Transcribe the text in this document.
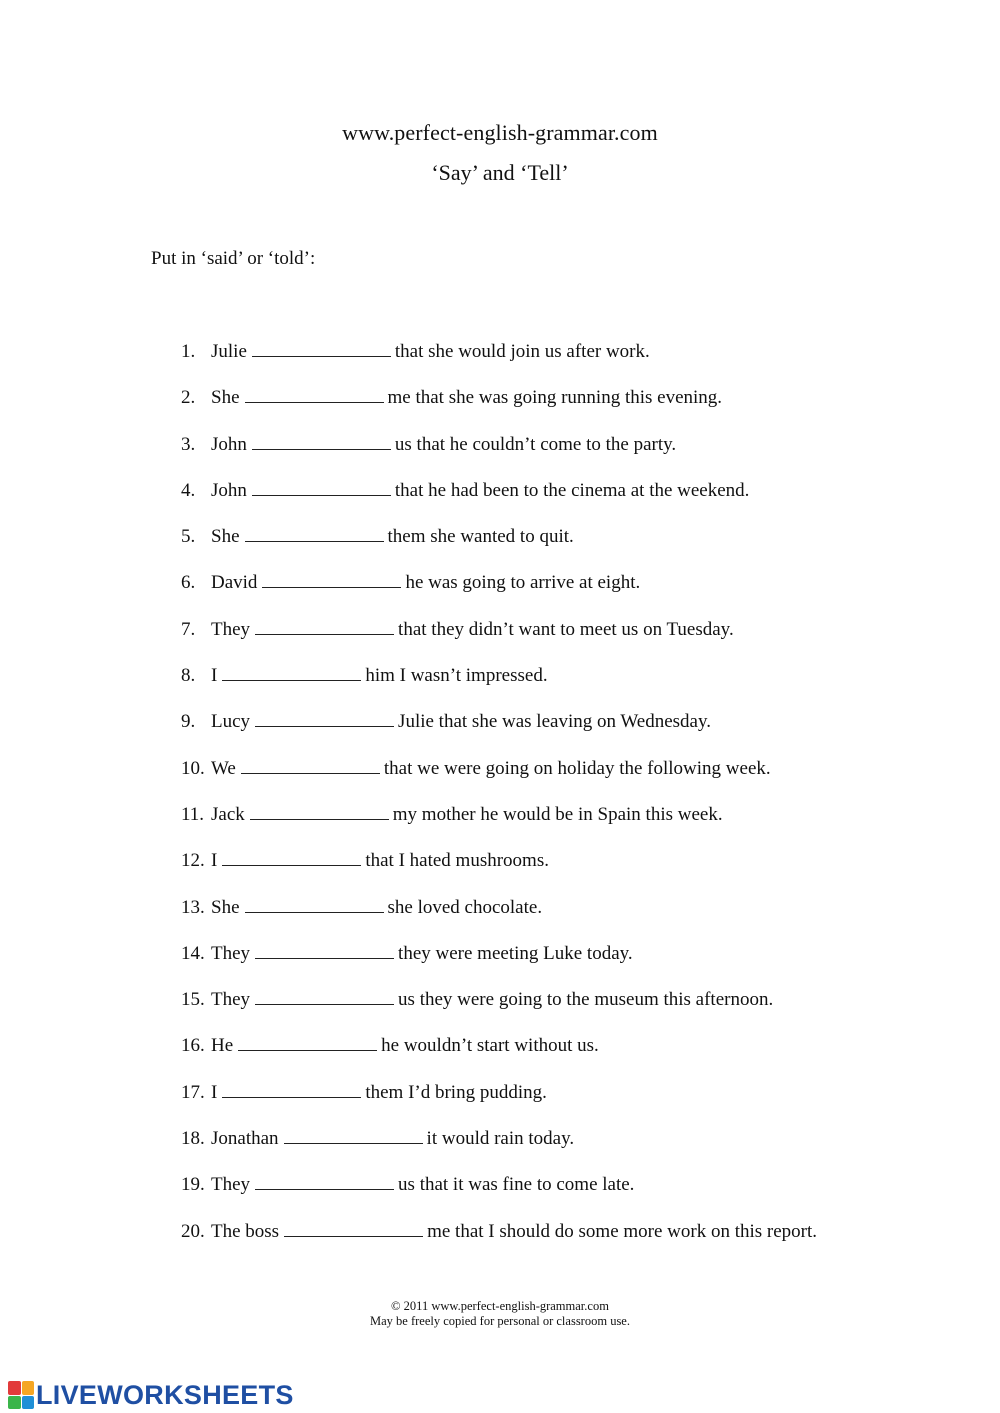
www.perfect-english-grammar.com
‘Say’ and ‘Tell’
Put in ‘said’ or ‘told’:
1. Julie	that she would join us after work.
2. She	me that she was going running this evening.
3. John	us that he couldn’t come to the party.
4. John	that he had been to the cinema at the weekend.
5. She	them she wanted to quit.
6. David	he was going to arrive at eight.
7. They	that they didn’t want to meet us on Tuesday.
8. I	him I wasn’t impressed.
9. Lucy	Julie that she was leaving on Wednesday.
10. We	that we were going on holiday the following week.
11. Jack	my mother he would be in Spain this week.
12. I	that I hated mushrooms.
13. She	she loved chocolate.
14. They	they were meeting Luke today.
15. They	us they were going to the museum this afternoon.
16. He	he wouldn’t start without us.
17. I	them I’d bring pudding.
18. Jonathan	it would rain today.
19. They	us that it was fine to come late.
20. The boss	me that I should do some more work on this report.
© 2011 www.perfect-english-grammar.com
May be freely copied for personal or classroom use.
LIVEWORKSHEETS
